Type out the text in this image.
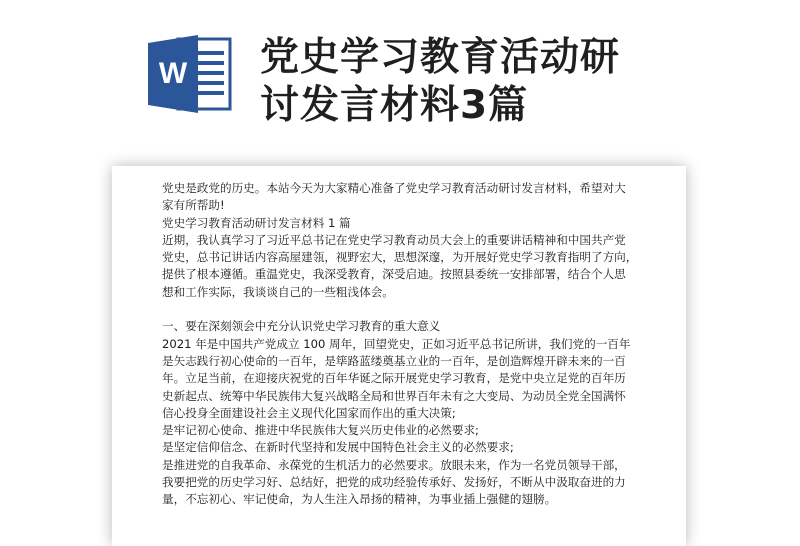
W 党史学习教育活动研
讨发言材料3篇

党史是政党的历史。本站今天为大家精心准备了党史学习教育活动研讨发言材料，希望对大

家有所帮助!

党史学习教育活动研讨发言材料 1 篇

近期，我认真学习了习近平总书记在党史学习教育动员大会上的重要讲话精神和中国共产党

党史，总书记讲话内容高屋建瓴，视野宏大，思想深邃，为开展好党史学习教育指明了方向，

提供了根本遵循。重温党史，我深受教育，深受启迪。按照县委统一安排部署，结合个人思

想和工作实际，我谈谈自己的一些粗浅体会。

一、要在深刻领会中充分认识党史学习教育的重大意义

2021 年是中国共产党成立 100 周年，回望党史，正如习近平总书记所讲，我们党的一百年

是矢志践行初心使命的一百年，是筚路蓝缕奠基立业的一百年，是创造辉煌开辟未来的一百

年。立足当前，在迎接庆祝党的百年华诞之际开展党史学习教育，是党中央立足党的百年历

史新起点、统筹中华民族伟大复兴战略全局和世界百年未有之大变局、为动员全党全国满怀

信心投身全面建设社会主义现代化国家而作出的重大决策;

是牢记初心使命、推进中华民族伟大复兴历史伟业的必然要求;

是坚定信仰信念、在新时代坚持和发展中国特色社会主义的必然要求;

是推进党的自我革命、永葆党的生机活力的必然要求。放眼未来，作为一名党员领导干部，

我要把党的历史学习好、总结好，把党的成功经验传承好、发扬好，不断从中汲取奋进的力

量，不忘初心、牢记使命，为人生注入昂扬的精神，为事业插上强健的翅膀。
